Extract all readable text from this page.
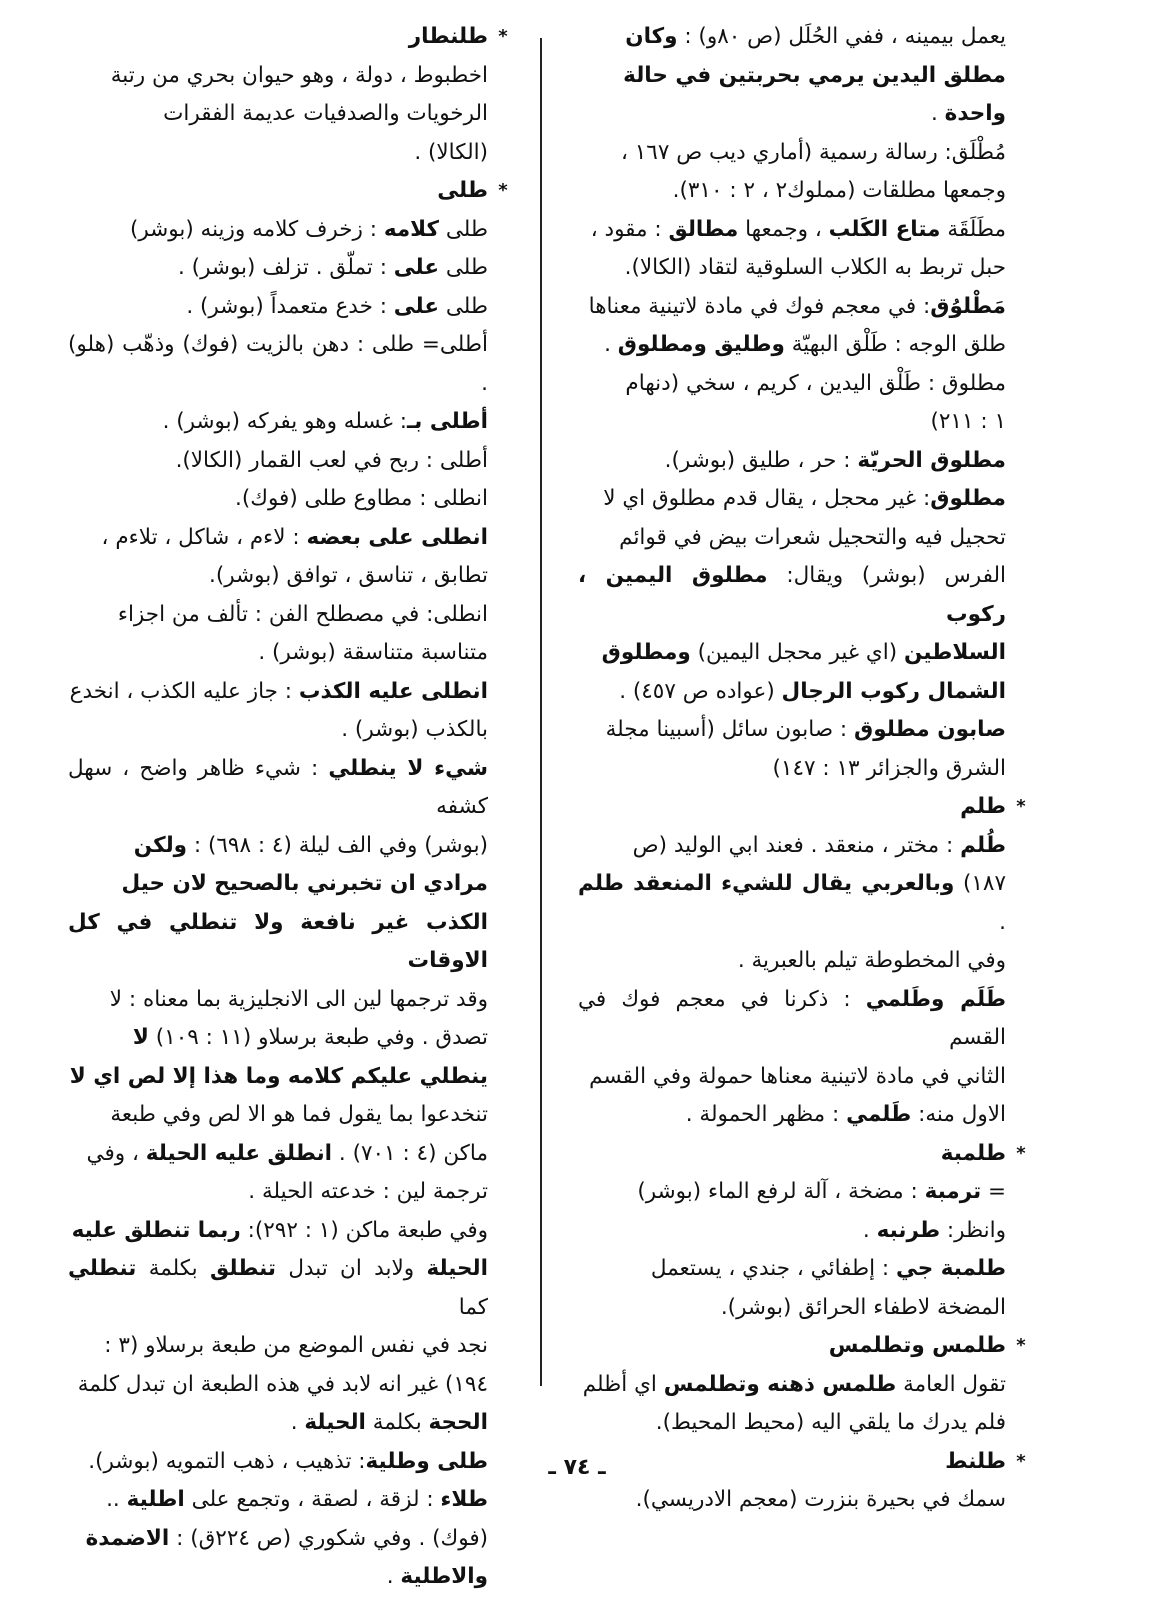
يعمل بيمينه ، ففي الحُلَل (ص ٨٠و) : وكان

مطلق اليدين يرمي بحربتين في حالة

واحدة .

مُطْلَق: رسالة رسمية (أماري ديب ص ١٦٧ ،

وجمعها مطلقات (مملوك٢ ، ٢ : ٣١٠).

مطَلَقَة متاع الكَلب ، وجمعها مطالق : مقود ،

حبل تربط به الكلاب السلوقية لتقاد (الكالا).

مَطْلوُق: في معجم فوك في مادة لاتينية معناها

طلق الوجه : طَلْق البهيّة وطليق ومطلوق .

مطلوق : طَلْق اليدين ، كريم ، سخي (دنهام

١ : ٢١١)

مطلوق الحريّة : حر ، طليق (بوشر).

مطلوق: غير محجل ، يقال قدم مطلوق اي لا

تحجيل فيه والتحجيل شعرات بيض في قوائم

الفرس (بوشر) ويقال: مطلوق اليمين ، ركوب

السلاطين (اي غير محجل اليمين) ومطلوق

الشمال ركوب الرجال (عواده ص ٤٥٧) .

صابون مطلوق : صابون سائل (أسبينا مجلة

الشرق والجزائر ١٣ : ١٤٧)

*
طلم

طُلم : مختر ، منعقد . فعند ابي الوليد (ص

١٨٧) وبالعربي يقال للشيء المنعقد طلم .

وفي المخطوطة تيلم بالعبرية .

طَلَم وطَلمي : ذكرنا في معجم فوك في القسم

الثاني في مادة لاتينية معناها حمولة وفي القسم

الاول منه: طَلمي : مظهر الحمولة .

*
طلمبة

= ترمبة : مضخة ، آلة لرفع الماء (بوشر)

وانظر: طرنبه .

طلمبة جي : إطفائي ، جندي ، يستعمل

المضخة لاطفاء الحرائق (بوشر).

*
طلمس وتطلمس

تقول العامة طلمس ذهنه وتطلمس اي أظلم

فلم يدرك ما يلقي اليه (محيط المحيط).

*
طلنط

سمك في بحيرة بنزرت (معجم الادريسي).

*
طلنطار

اخطبوط ، دولة ، وهو حيوان بحري من رتبة

الرخويات والصدفيات عديمة الفقرات

(الكالا) .

*
طلى

طلى كلامه : زخرف كلامه وزينه (بوشر)

طلى على : تملّق . تزلف (بوشر) .

طلى على : خدع متعمداً (بوشر) .

أطلى= طلى : دهن بالزيت (فوك) وذهّب (هلو) .

أطلى بـ: غسله وهو يفركه (بوشر) .

أطلى : ربح في لعب القمار (الكالا).

انطلى : مطاوع طلى (فوك).

انطلى على بعضه : لاءم ، شاكل ، تلاءم ،

تطابق ، تناسق ، توافق (بوشر).

انطلى: في مصطلح الفن : تألف من اجزاء

متناسبة متناسقة (بوشر) .

انطلى عليه الكذب : جاز عليه الكذب ، انخدع

بالكذب (بوشر) .

شيء لا ينطلي : شيء ظاهر واضح ، سهل كشفه

(بوشر) وفي الف ليلة (٤ : ٦٩٨) : ولكن

مرادي ان تخبرني بالصحيح لان حيل

الكذب غير نافعة ولا تنطلي في كل الاوقات

وقد ترجمها لين الى الانجليزية بما معناه : لا

تصدق . وفي طبعة برسلاو (١١ : ١٠٩) لا

ينطلي عليكم كلامه وما هذا إلا لص اي لا

تنخدعوا بما يقول فما هو الا لص وفي طبعة

ماكن (٤ : ٧٠١) . انطلق عليه الحيلة ، وفي

ترجمة لين : خدعته الحيلة .

وفي طبعة ماكن (١ : ٢٩٢): ربما تنطلق عليه

الحيلة ولابد ان تبدل تنطلق بكلمة تنطلي كما

نجد في نفس الموضع من طبعة برسلاو (٣ :

١٩٤) غير انه لابد في هذه الطبعة ان تبدل كلمة

الحجة بكلمة الحيلة .

طلى وطلية: تذهيب ، ذهب التمويه (بوشر).

طلاء : لزقة ، لصقة ، وتجمع على اطلية ..

(فوك) . وفي شكوري (ص ٢٢٤ق) : الاضمدة

والاطلية .

ـ ٧٤ ـ
